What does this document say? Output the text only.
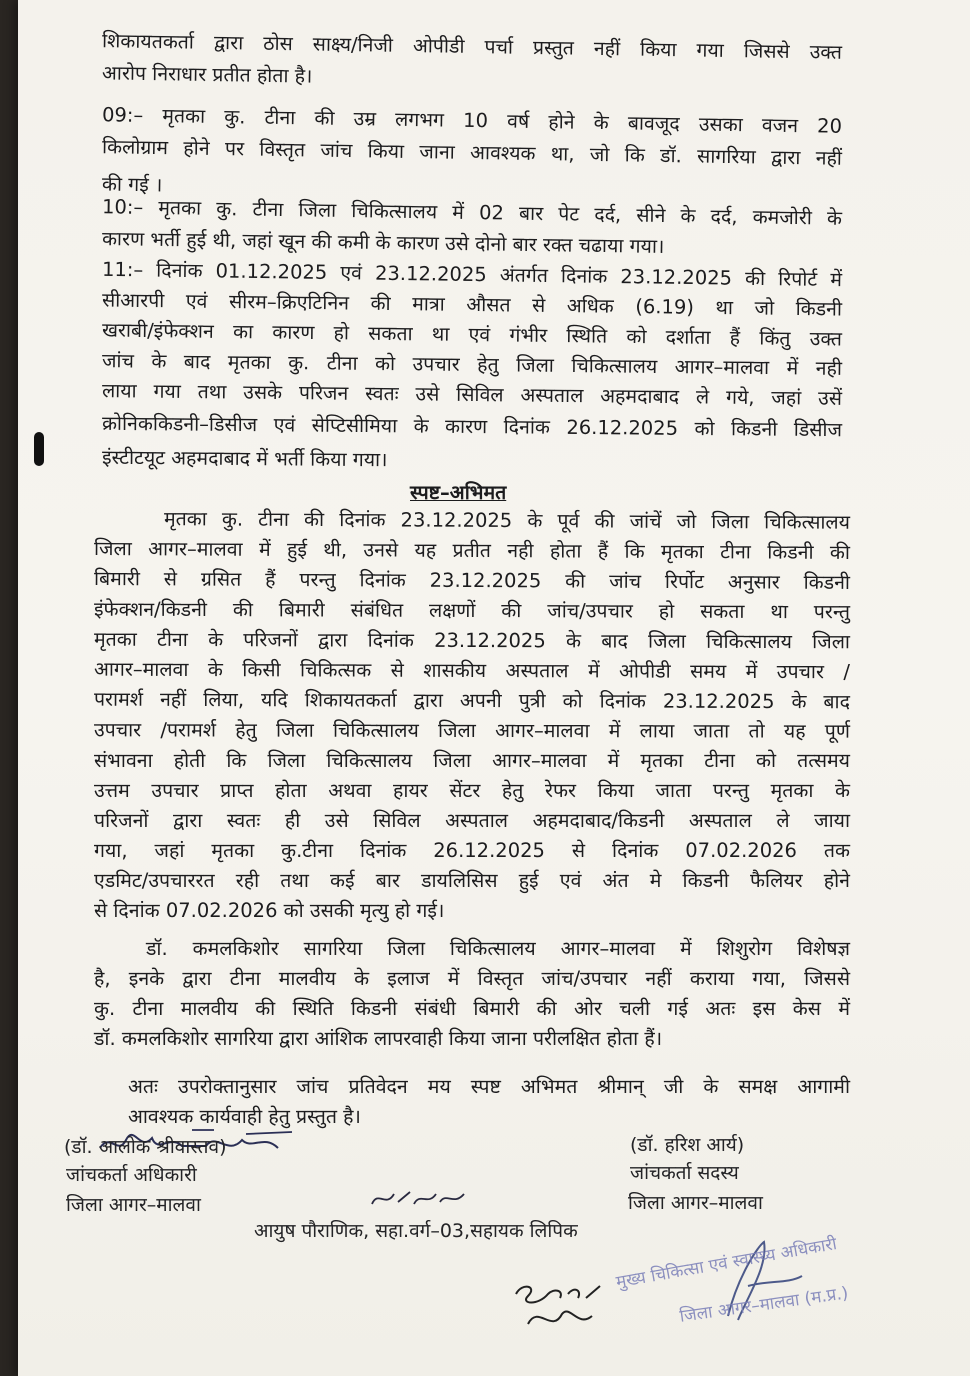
शिकायतकर्ता द्वारा ठोस साक्ष्य/निजी ओपीडी पर्चा प्रस्तुत नहीं किया गया जिससे उक्त
आरोप निराधार प्रतीत होता है।
09:– मृतका कु. टीना की उम्र लगभग 10 वर्ष होने के बावजूद उसका वजन 20
किलोग्राम होने पर विस्तृत जांच किया जाना आवश्यक था, जो कि डॉ. सागरिया द्वारा नहीं
की गई ।
10:– मृतका कु. टीना जिला चिकित्सालय में 02 बार पेट दर्द, सीने के दर्द, कमजोरी के
कारण भर्ती हुई थी, जहां खून की कमी के कारण उसे दोनो बार रक्त चढाया गया।
11:– दिनांक 01.12.2025 एवं 23.12.2025 अंतर्गत दिनांक 23.12.2025 की रिपोर्ट में
सीआरपी एवं सीरम–क्रिएटिनिन की मात्रा औसत से अधिक (6.19) था जो किडनी
खराबी/इंफेक्शन का कारण हो सकता था एवं गंभीर स्थिति को दर्शाता हैं किंतु उक्त
जांच के बाद मृतका कु. टीना को उपचार हेतु जिला चिकित्सालय आगर–मालवा में नही
लाया गया तथा उसके परिजन स्वतः उसे सिविल अस्पताल अहमदाबाद ले गये, जहां उसें
क्रोनिककिडनी–डिसीज एवं सेप्टिसीमिया के कारण दिनांक 26.12.2025 को किडनी डिसीज
इंस्टीटयूट अहमदाबाद में भर्ती किया गया।
स्पष्ट–अभिमत
मृतका कु. टीना की दिनांक 23.12.2025 के पूर्व की जांचें जो जिला चिकित्सालय
जिला आगर–मालवा में हुई थी, उनसे यह प्रतीत नही होता हैं कि मृतका टीना किडनी की
बिमारी से ग्रसित हैं परन्तु दिनांक 23.12.2025 की जांच रिर्पोट अनुसार किडनी
इंफेक्शन/किडनी की बिमारी संबंधित लक्षणों की जांच/उपचार हो सकता था परन्तु
मृतका टीना के परिजनों द्वारा दिनांक 23.12.2025 के बाद जिला चिकित्सालय जिला
आगर–मालवा के किसी चिकित्सक से शासकीय अस्पताल में ओपीडी समय में उपचार /
परामर्श नहीं लिया, यदि शिकायतकर्ता द्वारा अपनी पुत्री को दिनांक 23.12.2025 के बाद
उपचार /परामर्श हेतु जिला चिकित्सालय जिला आगर–मालवा में लाया जाता तो यह पूर्ण
संभावना होती कि जिला चिकित्सालय जिला आगर–मालवा में मृतका टीना को तत्समय
उत्तम उपचार प्राप्त होता अथवा हायर सेंटर हेतु रेफर किया जाता परन्तु मृतका के
परिजनों द्वारा स्वतः ही उसे सिविल अस्पताल अहमदाबाद/किडनी अस्पताल ले जाया
गया, जहां मृतका कु.टीना दिनांक 26.12.2025 से दिनांक 07.02.2026 तक
एडमिट/उपचाररत रही तथा कई बार डायलिसिस हुई एवं अंत मे किडनी फैलियर होने
से दिनांक 07.02.2026 को उसकी मृत्यु हो गई।
डॉ. कमलकिशोर सागरिया जिला चिकित्सालय आगर–मालवा में शिशुरोग विशेषज्ञ
है, इनके द्वारा टीना मालवीय के इलाज में विस्तृत जांच/उपचार नहीं कराया गया, जिससे
कु. टीना मालवीय की स्थिति किडनी संबंधी बिमारी की ओर चली गई अतः इस केस में
डॉ. कमलकिशोर सागरिया द्वारा आंशिक लापरवाही किया जाना परीलक्षित होता हैं।
अतः उपरोक्तानुसार जांच प्रतिवेदन मय स्पष्ट अभिमत श्रीमान् जी के समक्ष आगामी
आवश्यक कार्यवाही हेतु प्रस्तुत है।
(डॉ. आलोक श्रीवास्तव)
जांचकर्ता अधिकारी
जिला आगर–मालवा
(डॉ. हरिश आर्य)
जांचकर्ता सदस्य
जिला आगर–मालवा
आयुष पौराणिक, सहा.वर्ग–03,सहायक लिपिक
मुख्य चिकित्सा एवं स्वास्थ्य अधिकारी
जिला आगर–मालवा (म.प्र.)
